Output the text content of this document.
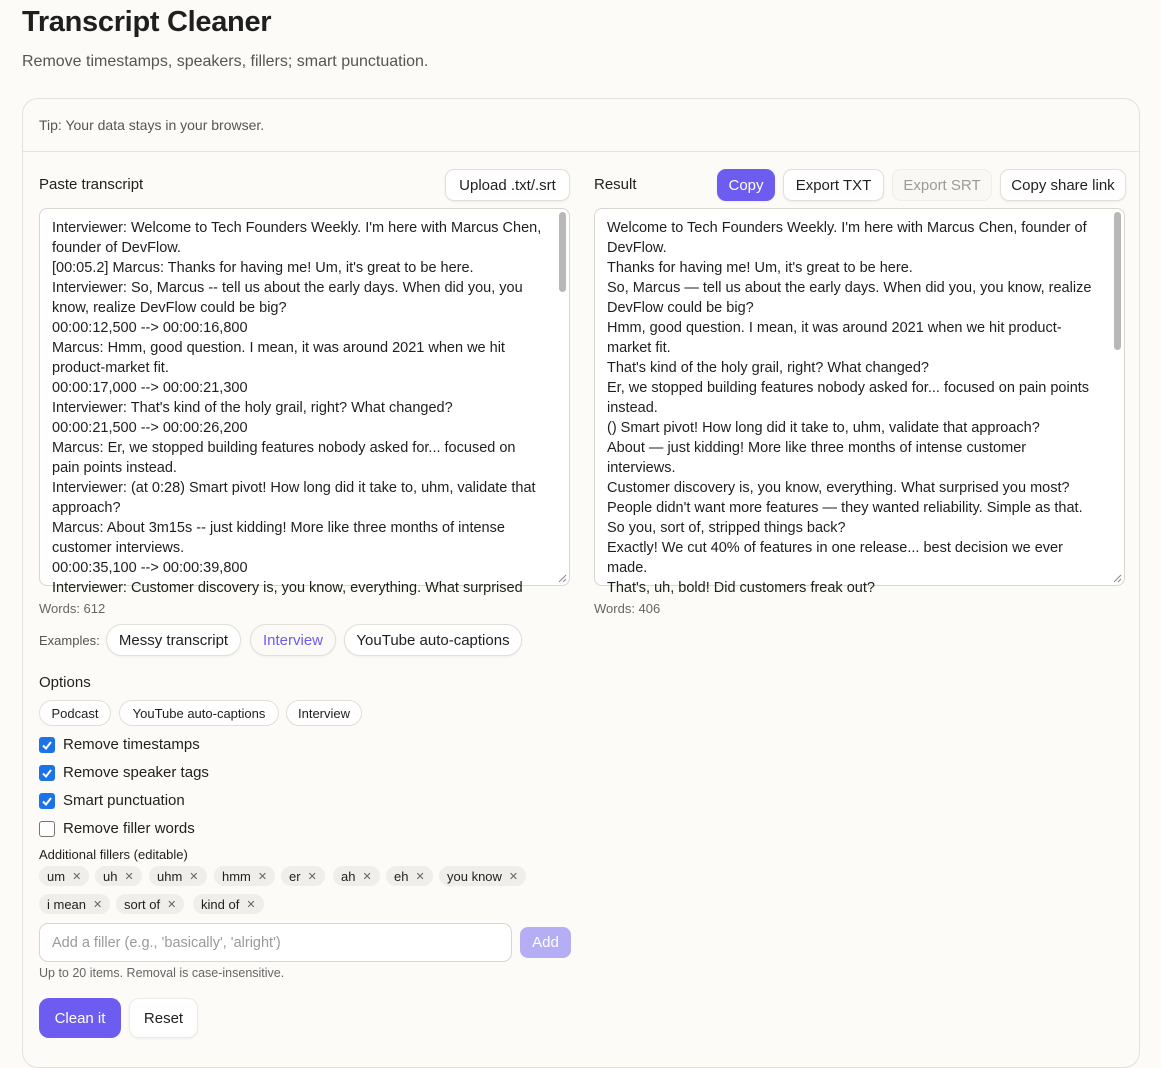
Transcript Cleaner
Remove timestamps, speakers, fillers; smart punctuation.
Tip: Your data stays in your browser.
Paste transcript	Upload .txt/.srt
Interviewer: Welcome to Tech Founders Weekly. I'm here with Marcus Chen,
founder of DevFlow.
[00:05.2] Marcus: Thanks for having me! Um, it's great to be here.
Interviewer: So, Marcus -- tell us about the early days. When did you, you
know, realize DevFlow could be big?
00:00:12,500 --> 00:00:16,800
Marcus: Hmm, good question. I mean, it was around 2021 when we hit
product-market fit.
00:00:17,000 --> 00:00:21,300
Interviewer: That's kind of the holy grail, right? What changed?
00:00:21,500 --> 00:00:26,200
Marcus: Er, we stopped building features nobody asked for... focused on
pain points instead.
Interviewer: (at 0:28) Smart pivot! How long did it take to, uhm, validate that
approach?
Marcus: About 3m15s -- just kidding! More like three months of intense
customer interviews.
00:00:35,100 --> 00:00:39,800
Interviewer: Customer discovery is, you know, everything. What surprised
Words: 612
Result	Copy	Export TXT	Export SRT	Copy share link
Welcome to Tech Founders Weekly. I'm here with Marcus Chen, founder of
DevFlow.
Thanks for having me! Um, it's great to be here.
So, Marcus — tell us about the early days. When did you, you know, realize
DevFlow could be big?
Hmm, good question. I mean, it was around 2021 when we hit product-
market fit.
That's kind of the holy grail, right? What changed?
Er, we stopped building features nobody asked for... focused on pain points
instead.
() Smart pivot! How long did it take to, uhm, validate that approach?
About — just kidding! More like three months of intense customer
interviews.
Customer discovery is, you know, everything. What surprised you most?
People didn't want more features — they wanted reliability. Simple as that.
So you, sort of, stripped things back?
Exactly! We cut 40% of features in one release... best decision we ever
made.
That's, uh, bold! Did customers freak out?
Words: 406
Examples:	Messy transcript	Interview	YouTube auto-captions
Options
Podcast	YouTube auto-captions	Interview
Remove timestamps
Remove speaker tags
Smart punctuation
Remove filler words
Additional fillers (editable)
um ✕ uh ✕ uhm ✕ hmm ✕ er ✕ ah ✕ eh ✕ you know ✕
i mean ✕ sort of ✕ kind of ✕
Add a filler (e.g., 'basically', 'alright')
Add
Up to 20 items. Removal is case-insensitive.
Clean it	Reset
